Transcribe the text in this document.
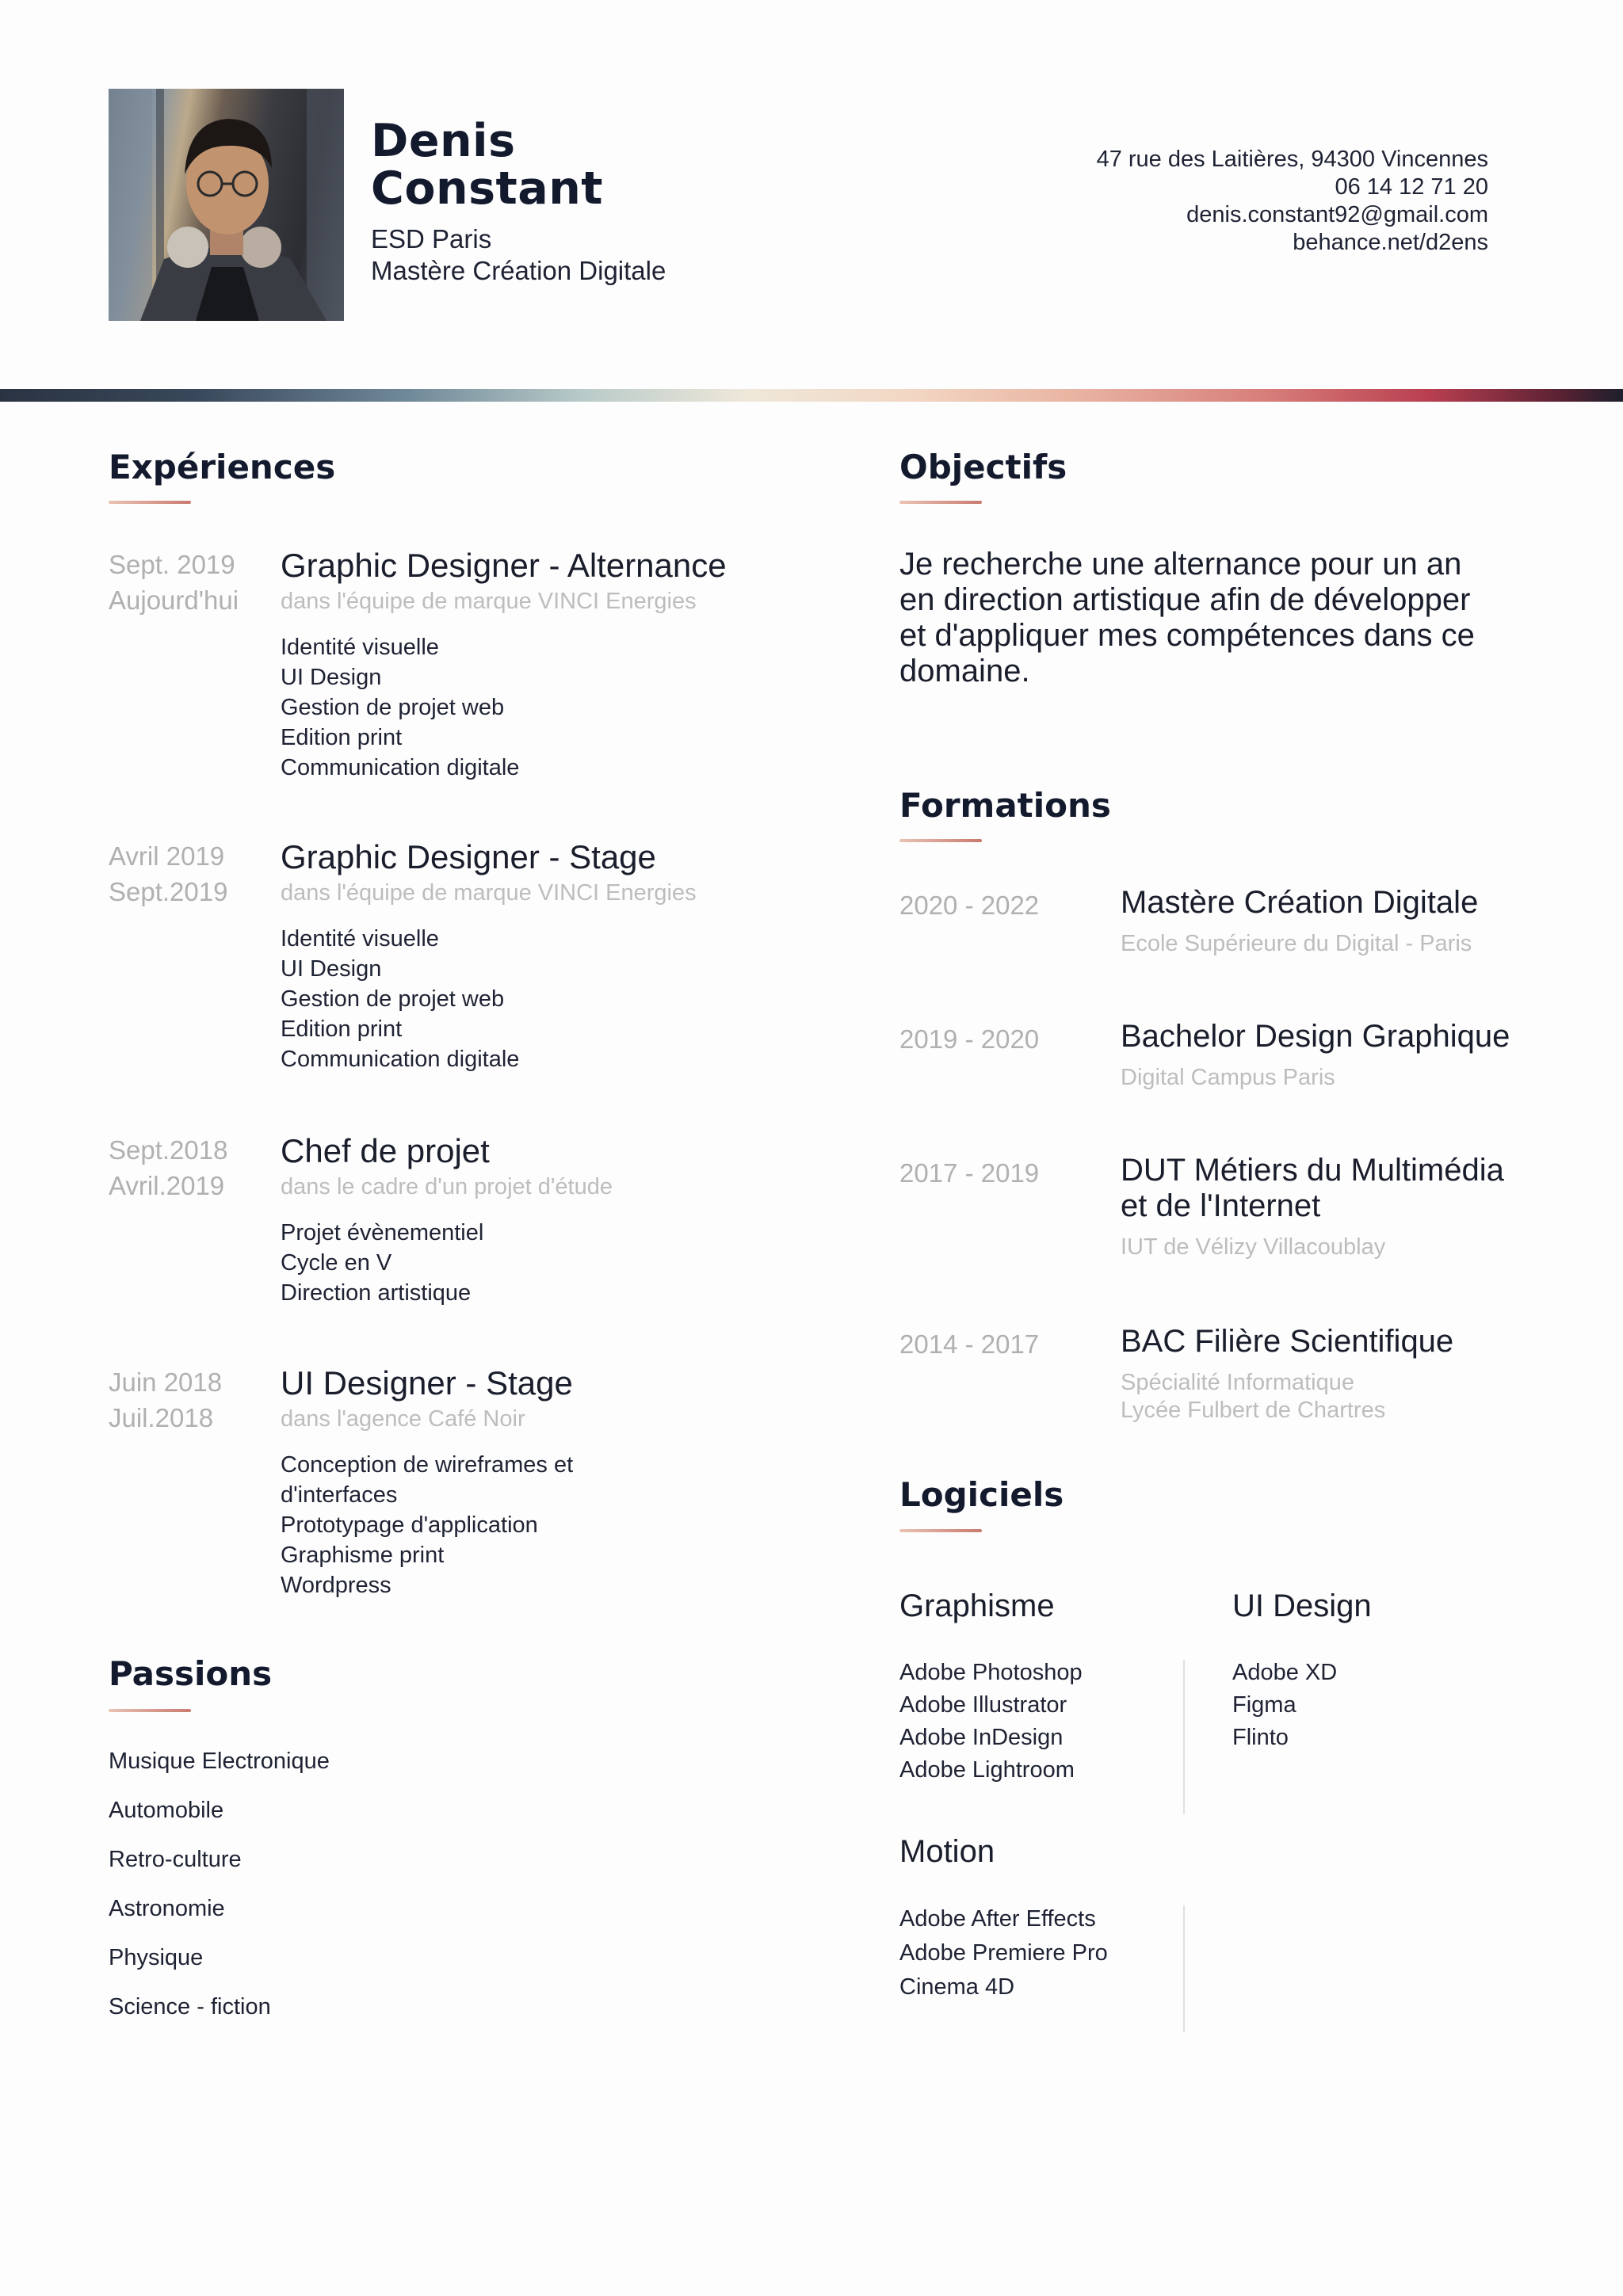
Denis
Constant
ESD Paris
Mastère Création Digitale
47 rue des Laitières, 94300 Vincennes
06 14 12 71 20
denis.constant92@gmail.com
behance.net/d2ens
Expériences
Sept. 2019
Aujourd'hui
Graphic Designer - Alternance
dans l'équipe de marque VINCI Energies
Identité visuelle
UI Design
Gestion de projet web
Edition print
Communication digitale
Avril 2019
Sept.2019
Graphic Designer - Stage
dans l'équipe de marque VINCI Energies
Identité visuelle
UI Design
Gestion de projet web
Edition print
Communication digitale
Sept.2018
Avril.2019
Chef de projet
dans le cadre d'un projet d'étude
Projet évènementiel
Cycle en V
Direction artistique
Juin 2018
Juil.2018
UI Designer - Stage
dans l'agence Café Noir
Conception de wireframes et
d'interfaces
Prototypage d'application
Graphisme print
Wordpress
Passions
Musique Electronique
Automobile
Retro-culture
Astronomie
Physique
Science - fiction
Objectifs
Je recherche une alternance pour un an
en direction artistique afin de développer
et d'appliquer mes compétences dans ce
domaine.
Formations
2020 - 2022	Mastère Création Digitale
Ecole Supérieure du Digital - Paris
2019 - 2020	Bachelor Design Graphique
Digital Campus Paris
2017 - 2019	DUT Métiers du Multimédia
et de l'Internet
IUT de Vélizy Villacoublay
2014 - 2017	BAC Filière Scientifique
Spécialité Informatique
Lycée Fulbert de Chartres
Logiciels
Graphisme
Adobe Photoshop
Adobe Illustrator
Adobe InDesign
Adobe Lightroom
UI Design
Adobe XD
Figma
Flinto
Motion
Adobe After Effects
Adobe Premiere Pro
Cinema 4D
